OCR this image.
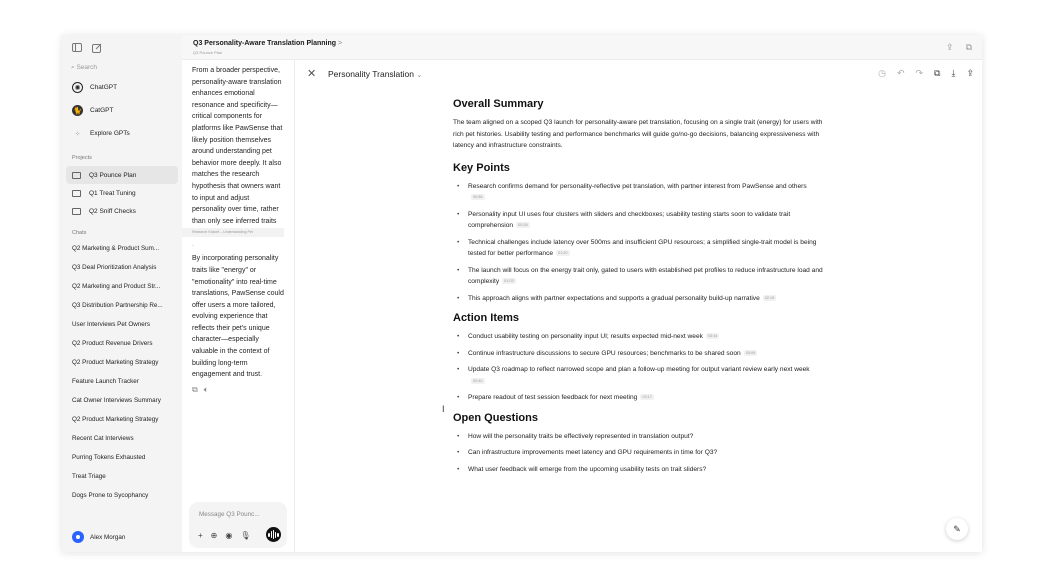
⌕ Search
✺	ChatGPT
🐈 CatGPT
⁘	Explore GPTs
Projects
Q3 Pounce Plan
Q1 Treat Tuning
Q2 Sniff Checks
Chats
Q2 Marketing & Product Sum...
Q3 Deal Prioritization Analysis
Q2 Marketing and Product Str...
Q3 Distribution Partnership Re...
User Interviews Pet Owners
Q2 Product Revenue Drivers
Q2 Product Marketing Strategy
Feature Launch Tracker
Cat Owner Interviews Summary
Q2 Product Marketing Strategy
Recent Cat Interviews
Purring Tokens Exhausted
Treat Triage
Dogs Prone to Sycophancy
Alex Morgan
Q3 Personality-Aware Translation Planning >
Q3 Pounce Plan
⇪ ⧉
From a broader perspective, personality-aware translation enhances emotional resonance and specificity—critical components for platforms like PawSense that likely position themselves around understanding pet behavior more deeply. It also matches the research hypothesis that owners want to input and adjust personality over time, rather than only see inferred traits
Research Kickoff – Understanding Pet
.
By incorporating personality traits like "energy" or "emotionality" into real-time translations, PawSense could offer users a more tailored, evolving experience that reflects their pet's unique character—especially valuable in the context of building long-term engagement and trust.
⧉ 🔈︎
Message Q3 Pounc...
+ ⊕ ◉ 🎙︎
✕ Personality Translation ⌄	◷ ↶ ↷ ⧉ ⤓ ⇪
Overall Summary

The team aligned on a scoped Q3 launch for personality-aware pet translation, focusing on a single trait (energy) for users with rich pet histories. Usability testing and performance benchmarks will guide go/no-go decisions, balancing expressiveness with latency and infrastructure constraints.

Key Points
• Research confirms demand for personality-reflective pet translation, with partner interest from PawSense and others00:56
• Personality input UI uses four clusters with sliders and checkboxes; usability testing starts soon to validate trait comprehension 00:28
• Technical challenges include latency over 500ms and insufficient GPU resources; a simplified single-trait model is being tested for better performance 01:20
• The launch will focus on the energy trait only, gated to users with established pet profiles to reduce infrastructure load and complexity 01:03
• This approach aligns with partner expectations and supports a gradual personality build-up narrative 02:19
Action Items
• Conduct usability testing on personality input UI; results expected mid-next week 03:44
• Continue infrastructure discussions to secure GPU resources; benchmarks to be shared soon 03:09
• Update Q3 roadmap to reflect narrowed scope and plan a follow-up meeting for output variant review early next week02:40
• Prepare readout of test session feedback for next meeting 03:17
Open Questions
• How will the personality traits be effectively represented in translation output?
• Can infrastructure improvements meet latency and GPU requirements in time for Q3?
• What user feedback will emerge from the upcoming usability tests on trait sliders?
✎
I
